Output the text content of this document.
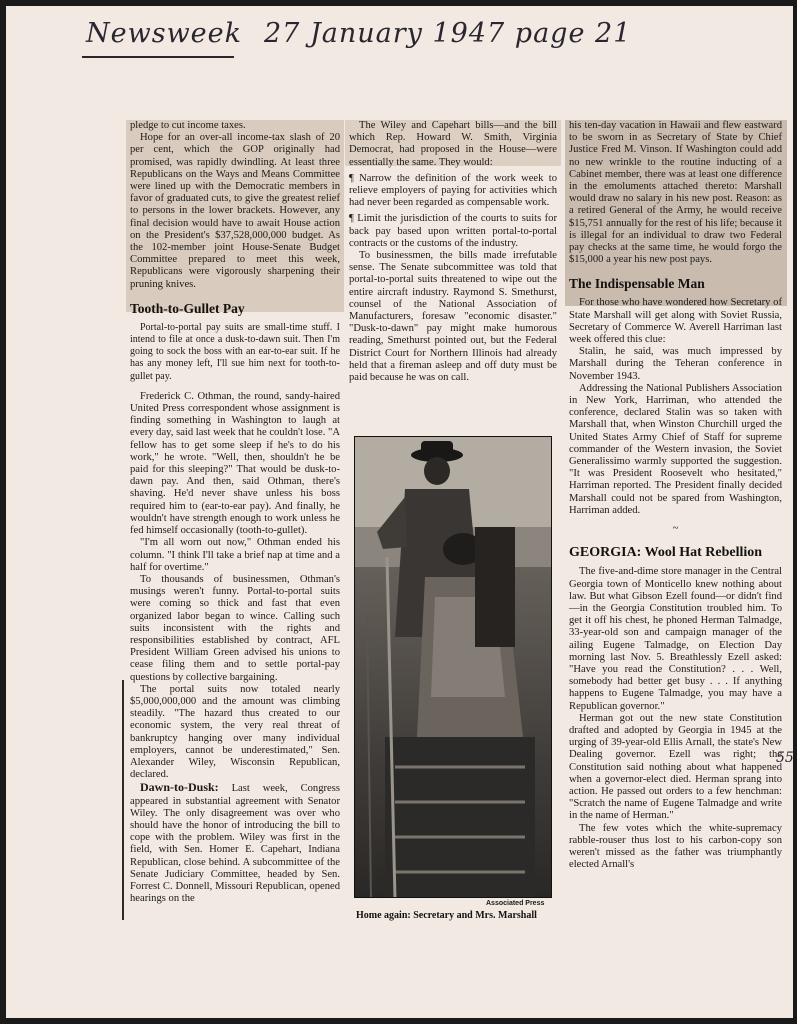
Newsweek 27 January 1947 page 21

pledge to cut income taxes.

Hope for an over-all income-tax slash of 20 per cent, which the GOP originally had promised, was rapidly dwindling. At least three Republicans on the Ways and Means Committee were lined up with the Democratic members in favor of graduated cuts, to give the greatest relief to persons in the lower brackets. However, any final decision would have to await House action on the President's $37,528,000,000 budget. As the 102-member joint House-Senate Budget Committee prepared to meet this week, Republicans were vigorously sharpening their pruning knives.

Tooth-to-Gullet Pay

Portal-to-portal pay suits are small-time stuff. I intend to file at once a dusk-to-dawn suit. Then I'm going to sock the boss with an ear-to-ear suit. If he has any money left, I'll sue him next for tooth-to-gullet pay.

Frederick C. Othman, the round, sandy-haired United Press correspondent whose assignment is finding something in Washington to laugh at every day, said last week that he couldn't lose. "A fellow has to get some sleep if he's to do his work," he wrote. "Well, then, shouldn't he be paid for this sleeping?" That would be dusk-to-dawn pay. And then, said Othman, there's shaving. He'd never shave unless his boss required him to (ear-to-ear pay). And finally, he wouldn't have strength enough to work unless he fed himself occasionally (tooth-to-gullet).

"I'm all worn out now," Othman ended his column. "I think I'll take a brief nap at time and a half for overtime."

To thousands of businessmen, Othman's musings weren't funny. Portal-to-portal suits were coming so thick and fast that even organized labor began to wince. Calling such suits inconsistent with the rights and responsibilities established by contract, AFL President William Green advised his unions to cease filing them and to settle portal-pay questions by collective bargaining.

The portal suits now totaled nearly $5,000,000,000 and the amount was climbing steadily. "The hazard thus created to our economic system, the very real threat of bankruptcy hanging over many individual employers, cannot be underestimated," Sen. Alexander Wiley, Wisconsin Republican, declared.

Dawn-to-Dusk: Last week, Congress appeared in substantial agreement with Senator Wiley. The only disagreement was over who should have the honor of introducing the bill to cope with the problem. Wiley was first in the field, with Sen. Homer E. Capehart, Indiana Republican, close behind. A subcommittee of the Senate Judiciary Committee, headed by Sen. Forrest C. Donnell, Missouri Republican, opened hearings on the

The Wiley and Capehart bills—and the bill which Rep. Howard W. Smith, Virginia Democrat, had proposed in the House—were essentially the same. They would:

¶ Narrow the definition of the work week to relieve employers of paying for activities which had never been regarded as compensable work.

¶ Limit the jurisdiction of the courts to suits for back pay based upon written portal-to-portal contracts or the customs of the industry.

To businessmen, the bills made irrefutable sense. The Senate subcommittee was told that portal-to-portal suits threatened to wipe out the entire aircraft industry. Raymond S. Smethurst, counsel of the National Association of Manufacturers, foresaw "economic disaster." "Dusk-to-dawn" pay might make humorous reading, Smethurst pointed out, but the Federal District Court for Northern Illinois had already held that a fireman asleep and off duty must be paid because he was on call.

Associated Press
Home again: Secretary and Mrs. Marshall

his ten-day vacation in Hawaii and flew eastward to be sworn in as Secretary of State by Chief Justice Fred M. Vinson. If Washington could add no new wrinkle to the routine inducting of a Cabinet member, there was at least one difference in the emoluments attached thereto: Marshall would draw no salary in his new post. Reason: as a retired General of the Army, he would receive $15,751 annually for the rest of his life; because it is illegal for an individual to draw two Federal pay checks at the same time, he would forgo the $15,000 a year his new post pays.

The Indispensable Man

For those who have wondered how Secretary of State Marshall will get along with Soviet Russia, Secretary of Commerce W. Averell Harriman last week offered this clue:

Stalin, he said, was much impressed by Marshall during the Teheran conference in November 1943.

Addressing the National Publishers Association in New York, Harriman, who attended the conference, declared Stalin was so taken with Marshall that, when Winston Churchill urged the United States Army Chief of Staff for supreme commander of the Western invasion, the Soviet Generalissimo warmly supported the suggestion. "It was President Roosevelt who hesitated," Harriman reported. The President finally decided Marshall could not be spared from Washington, Harriman added.

~
GEORGIA: Wool Hat Rebellion

The five-and-dime store manager in the Central Georgia town of Monticello knew nothing about law. But what Gibson Ezell found—or didn't find—in the Georgia Constitution troubled him. To get it off his chest, he phoned Herman Talmadge, 33-year-old son and campaign manager of the ailing Eugene Talmadge, on Election Day morning last Nov. 5. Breathlessly Ezell asked: "Have you read the Constitution? . . . Well, somebody had better get busy . . . If anything happens to Eugene Talmadge, you may have a Republican governor."

Herman got out the new state Constitution drafted and adopted by Georgia in 1945 at the urging of 39-year-old Ellis Arnall, the state's New Dealing governor. Ezell was right; the Constitution said nothing about what happened when a governor-elect died. Herman sprang into action. He passed out orders to a few henchman: "Scratch the name of Eugene Talmadge and write in the name of Herman."

The few votes which the white-supremacy rabble-rouser thus lost to his carbon-copy son weren't missed as the father was triumphantly elected Arnall's

55
